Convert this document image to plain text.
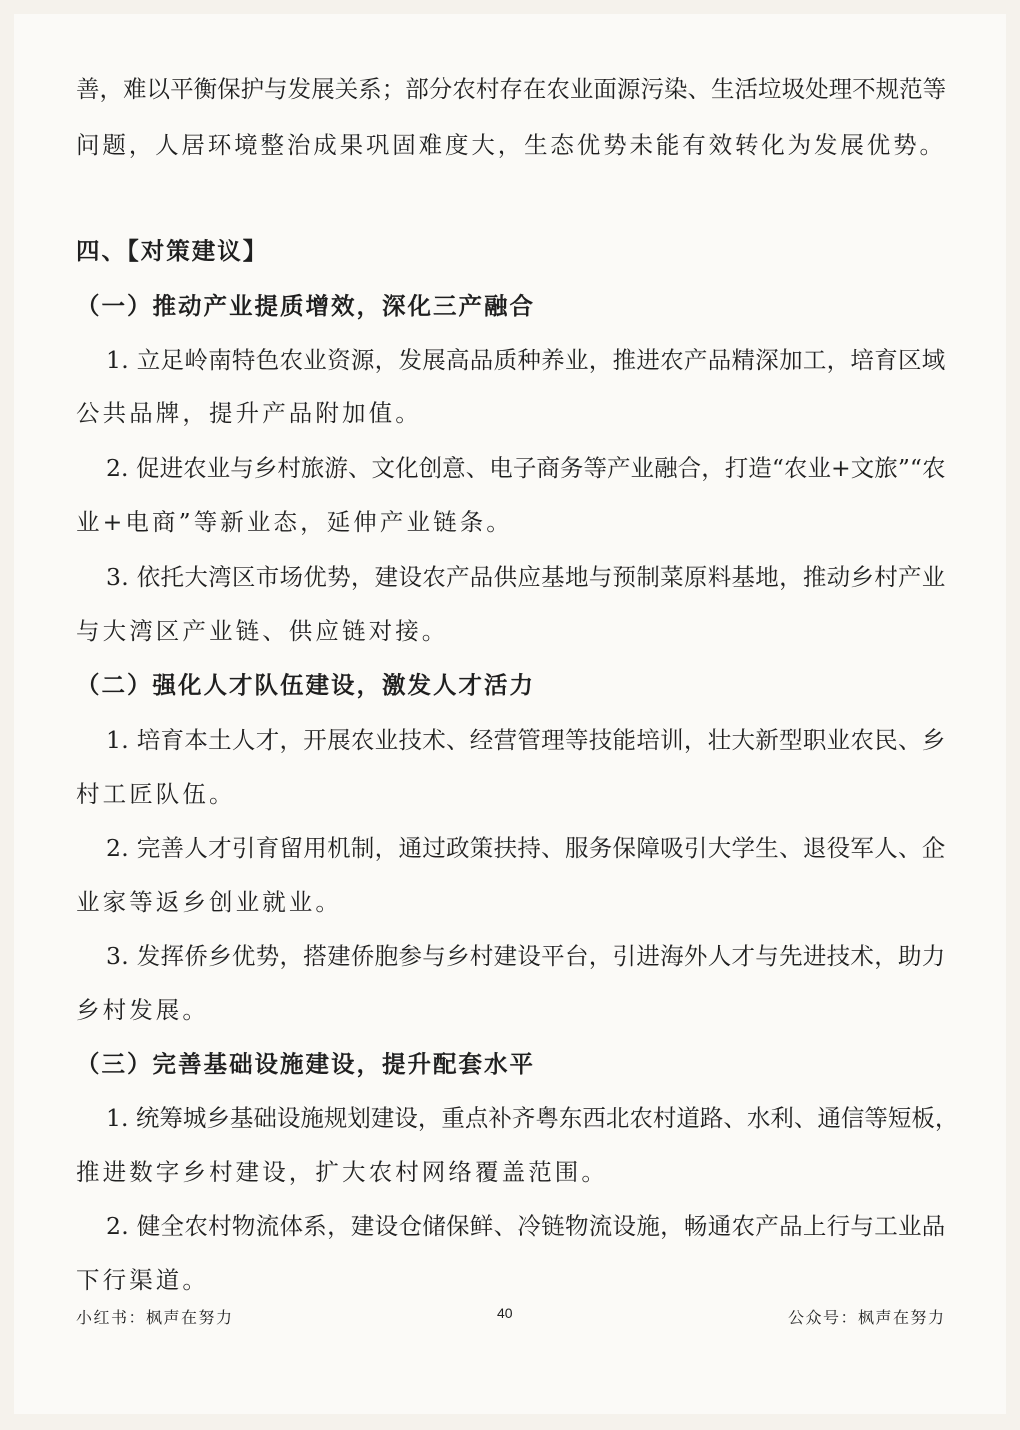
善，难以平衡保护与发展关系；部分农村存在农业面源污染、生活垃圾处理不规范等
问题，人居环境整治成果巩固难度大，生态优势未能有效转化为发展优势。
四、【对策建议】
（一）推动产业提质增效，深化三产融合
1. 立足岭南特色农业资源，发展高品质种养业，推进农产品精深加工，培育区域
公共品牌，提升产品附加值。
2. 促进农业与乡村旅游、文化创意、电子商务等产业融合，打造“农业+文旅”“农
业+电商”等新业态，延伸产业链条。
3. 依托大湾区市场优势，建设农产品供应基地与预制菜原料基地，推动乡村产业
与大湾区产业链、供应链对接。
（二）强化人才队伍建设，激发人才活力
1. 培育本土人才，开展农业技术、经营管理等技能培训，壮大新型职业农民、乡
村工匠队伍。
2. 完善人才引育留用机制，通过政策扶持、服务保障吸引大学生、退役军人、企
业家等返乡创业就业。
3. 发挥侨乡优势，搭建侨胞参与乡村建设平台，引进海外人才与先进技术，助力
乡村发展。
（三）完善基础设施建设，提升配套水平
1. 统筹城乡基础设施规划建设，重点补齐粤东西北农村道路、水利、通信等短板，
推进数字乡村建设，扩大农村网络覆盖范围。
2. 健全农村物流体系，建设仓储保鲜、冷链物流设施，畅通农产品上行与工业品
下行渠道。
小红书：枫声在努力	40	公众号：枫声在努力
